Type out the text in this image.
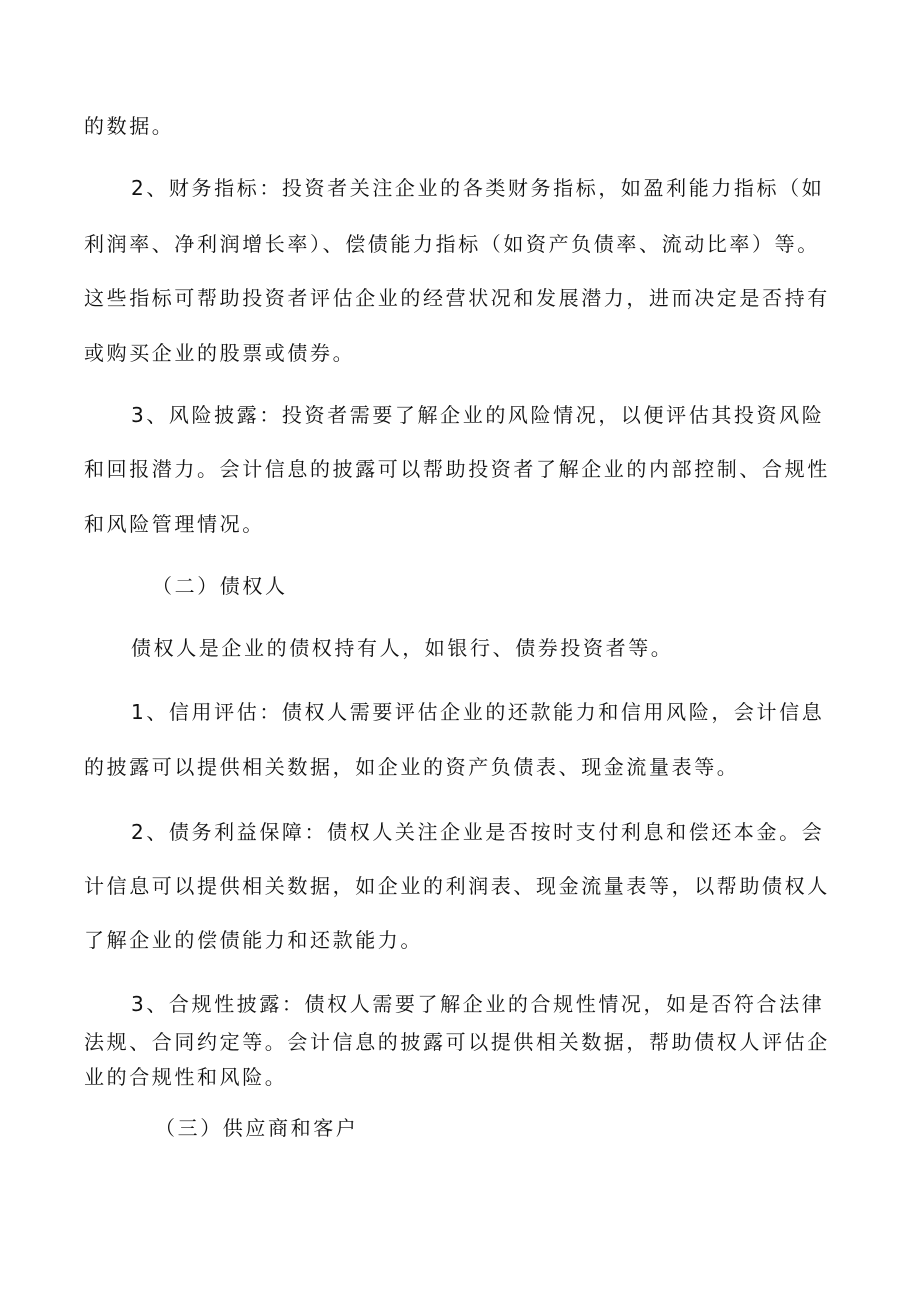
的数据。
2、财务指标：投资者关注企业的各类财务指标，如盈利能力指标（如
利润率、净利润增长率）、偿债能力指标（如资产负债率、流动比率）等。
这些指标可帮助投资者评估企业的经营状况和发展潜力，进而决定是否持有
或购买企业的股票或债券。
3、风险披露：投资者需要了解企业的风险情况，以便评估其投资风险
和回报潜力。会计信息的披露可以帮助投资者了解企业的内部控制、合规性
和风险管理情况。
（二）债权人
债权人是企业的债权持有人，如银行、债券投资者等。
1、信用评估：债权人需要评估企业的还款能力和信用风险，会计信息
的披露可以提供相关数据，如企业的资产负债表、现金流量表等。
2、债务利益保障：债权人关注企业是否按时支付利息和偿还本金。会
计信息可以提供相关数据，如企业的利润表、现金流量表等，以帮助债权人
了解企业的偿债能力和还款能力。
3、合规性披露：债权人需要了解企业的合规性情况，如是否符合法律
法规、合同约定等。会计信息的披露可以提供相关数据，帮助债权人评估企
业的合规性和风险。
（三）供应商和客户
